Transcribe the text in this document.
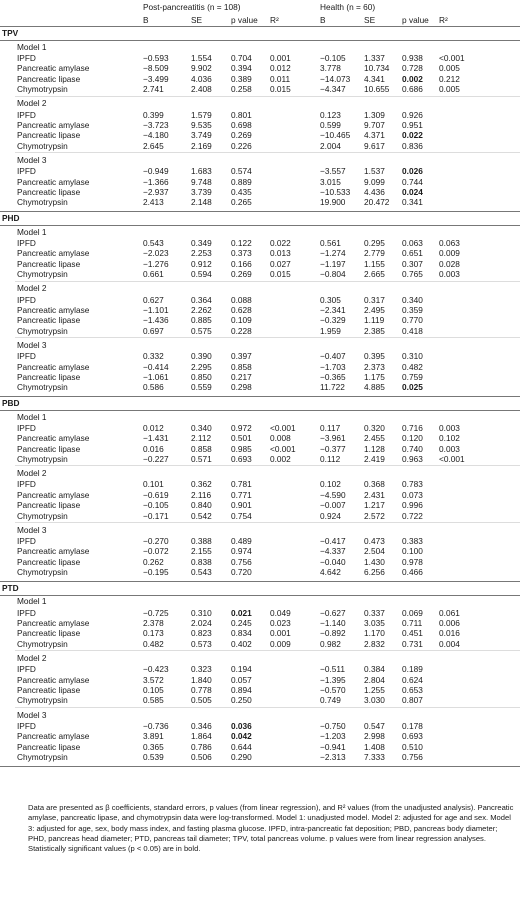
		Post-pancreatitis (n = 108)				Health (n = 60)			
		B	SE	p value	R²	B	SE	p value	R²
TPV									
	Model 1								
	IPFD	−0.593	1.554	0.704	0.001	−0.105	1.337	0.938	<0.001
	Pancreatic amylase	−8.509	9.902	0.394	0.012	3.778	10.734	0.728	0.005
	Pancreatic lipase	−3.499	4.036	0.389	0.011	−14.073	4.341	0.002	0.212
	Chymotrypsin	2.741	2.408	0.258	0.015	−4.347	10.655	0.686	0.005

	Model 2								
	IPFD	0.399	1.579	0.801		0.123	1.309	0.926	
	Pancreatic amylase	−3.723	9.535	0.698		0.599	9.707	0.951	
	Pancreatic lipase	−4.180	3.749	0.269		−10.465	4.371	0.022	
	Chymotrypsin	2.645	2.169	0.226		2.004	9.617	0.836	

	Model 3								
	IPFD	−0.949	1.683	0.574		−3.557	1.537	0.026	
	Pancreatic amylase	−1.366	9.748	0.889		3.015	9.099	0.744	
	Pancreatic lipase	−2.937	3.739	0.435		−10.533	4.436	0.024	
	Chymotrypsin	2.413	2.148	0.265		19.900	20.472	0.341	

PHD									
	Model 1								
	IPFD	0.543	0.349	0.122	0.022	0.561	0.295	0.063	0.063
	Pancreatic amylase	−2.023	2.253	0.373	0.013	−1.274	2.779	0.651	0.009
	Pancreatic lipase	−1.276	0.912	0.166	0.027	−1.197	1.155	0.307	0.028
	Chymotrypsin	0.661	0.594	0.269	0.015	−0.804	2.665	0.765	0.003

	Model 2								
	IPFD	0.627	0.364	0.088		0.305	0.317	0.340	
	Pancreatic amylase	−1.101	2.262	0.628		−2.341	2.495	0.359	
	Pancreatic lipase	−1.436	0.885	0.109		−0.329	1.119	0.770	
	Chymotrypsin	0.697	0.575	0.228		1.959	2.385	0.418	

	Model 3								
	IPFD	0.332	0.390	0.397		−0.407	0.395	0.310	
	Pancreatic amylase	−0.414	2.295	0.858		−1.703	2.373	0.482	
	Pancreatic lipase	−1.061	0.850	0.217		−0.365	1.175	0.759	
	Chymotrypsin	0.586	0.559	0.298		11.722	4.885	0.025	

PBD									
	Model 1								
	IPFD	0.012	0.340	0.972	<0.001	0.117	0.320	0.716	0.003
	Pancreatic amylase	−1.431	2.112	0.501	0.008	−3.961	2.455	0.120	0.102
	Pancreatic lipase	0.016	0.858	0.985	<0.001	−0.377	1.128	0.740	0.003
	Chymotrypsin	−0.227	0.571	0.693	0.002	0.112	2.419	0.963	<0.001

	Model 2								
	IPFD	0.101	0.362	0.781		0.102	0.368	0.783	
	Pancreatic amylase	−0.619	2.116	0.771		−4.590	2.431	0.073	
	Pancreatic lipase	−0.105	0.840	0.901		−0.007	1.217	0.996	
	Chymotrypsin	−0.171	0.542	0.754		0.924	2.572	0.722	

	Model 3								
	IPFD	−0.270	0.388	0.489		−0.417	0.473	0.383	
	Pancreatic amylase	−0.072	2.155	0.974		−4.337	2.504	0.100	
	Pancreatic lipase	0.262	0.838	0.756		−0.040	1.430	0.978	
	Chymotrypsin	−0.195	0.543	0.720		4.642	6.256	0.466	

PTD									
	Model 1								
	IPFD	−0.725	0.310	0.021	0.049	−0.627	0.337	0.069	0.061
	Pancreatic amylase	2.378	2.024	0.245	0.023	−1.140	3.035	0.711	0.006
	Pancreatic lipase	0.173	0.823	0.834	0.001	−0.892	1.170	0.451	0.016
	Chymotrypsin	0.482	0.573	0.402	0.009	0.982	2.832	0.731	0.004

	Model 2								
	IPFD	−0.423	0.323	0.194		−0.511	0.384	0.189	
	Pancreatic amylase	3.572	1.840	0.057		−1.395	2.804	0.624	
	Pancreatic lipase	0.105	0.778	0.894		−0.570	1.255	0.653	
	Chymotrypsin	0.585	0.505	0.250		0.749	3.030	0.807	

	Model 3								
	IPFD	−0.736	0.346	0.036		−0.750	0.547	0.178	
	Pancreatic amylase	3.891	1.864	0.042		−1.203	2.998	0.693	
	Pancreatic lipase	0.365	0.786	0.644		−0.941	1.408	0.510	
	Chymotrypsin	0.539	0.506	0.290		−2.313	7.333	0.756	

Data are presented as β coefficients, standard errors, p values (from linear regression), and R² values (from the unadjusted analysis). Pancreatic amylase, pancreatic lipase, and chymotrypsin data were log-transformed. Model 1: unadjusted model. Model 2: adjusted for age and sex. Model 3: adjusted for age, sex, body mass index, and fasting plasma glucose. IPFD, intra-pancreatic fat deposition; PBD, pancreas body diameter; PHD, pancreas head diameter; PTD, pancreas tail diameter; TPV, total pancreas volume. p values were from linear regression analyses. Statistically significant values (p < 0.05) are in bold.
